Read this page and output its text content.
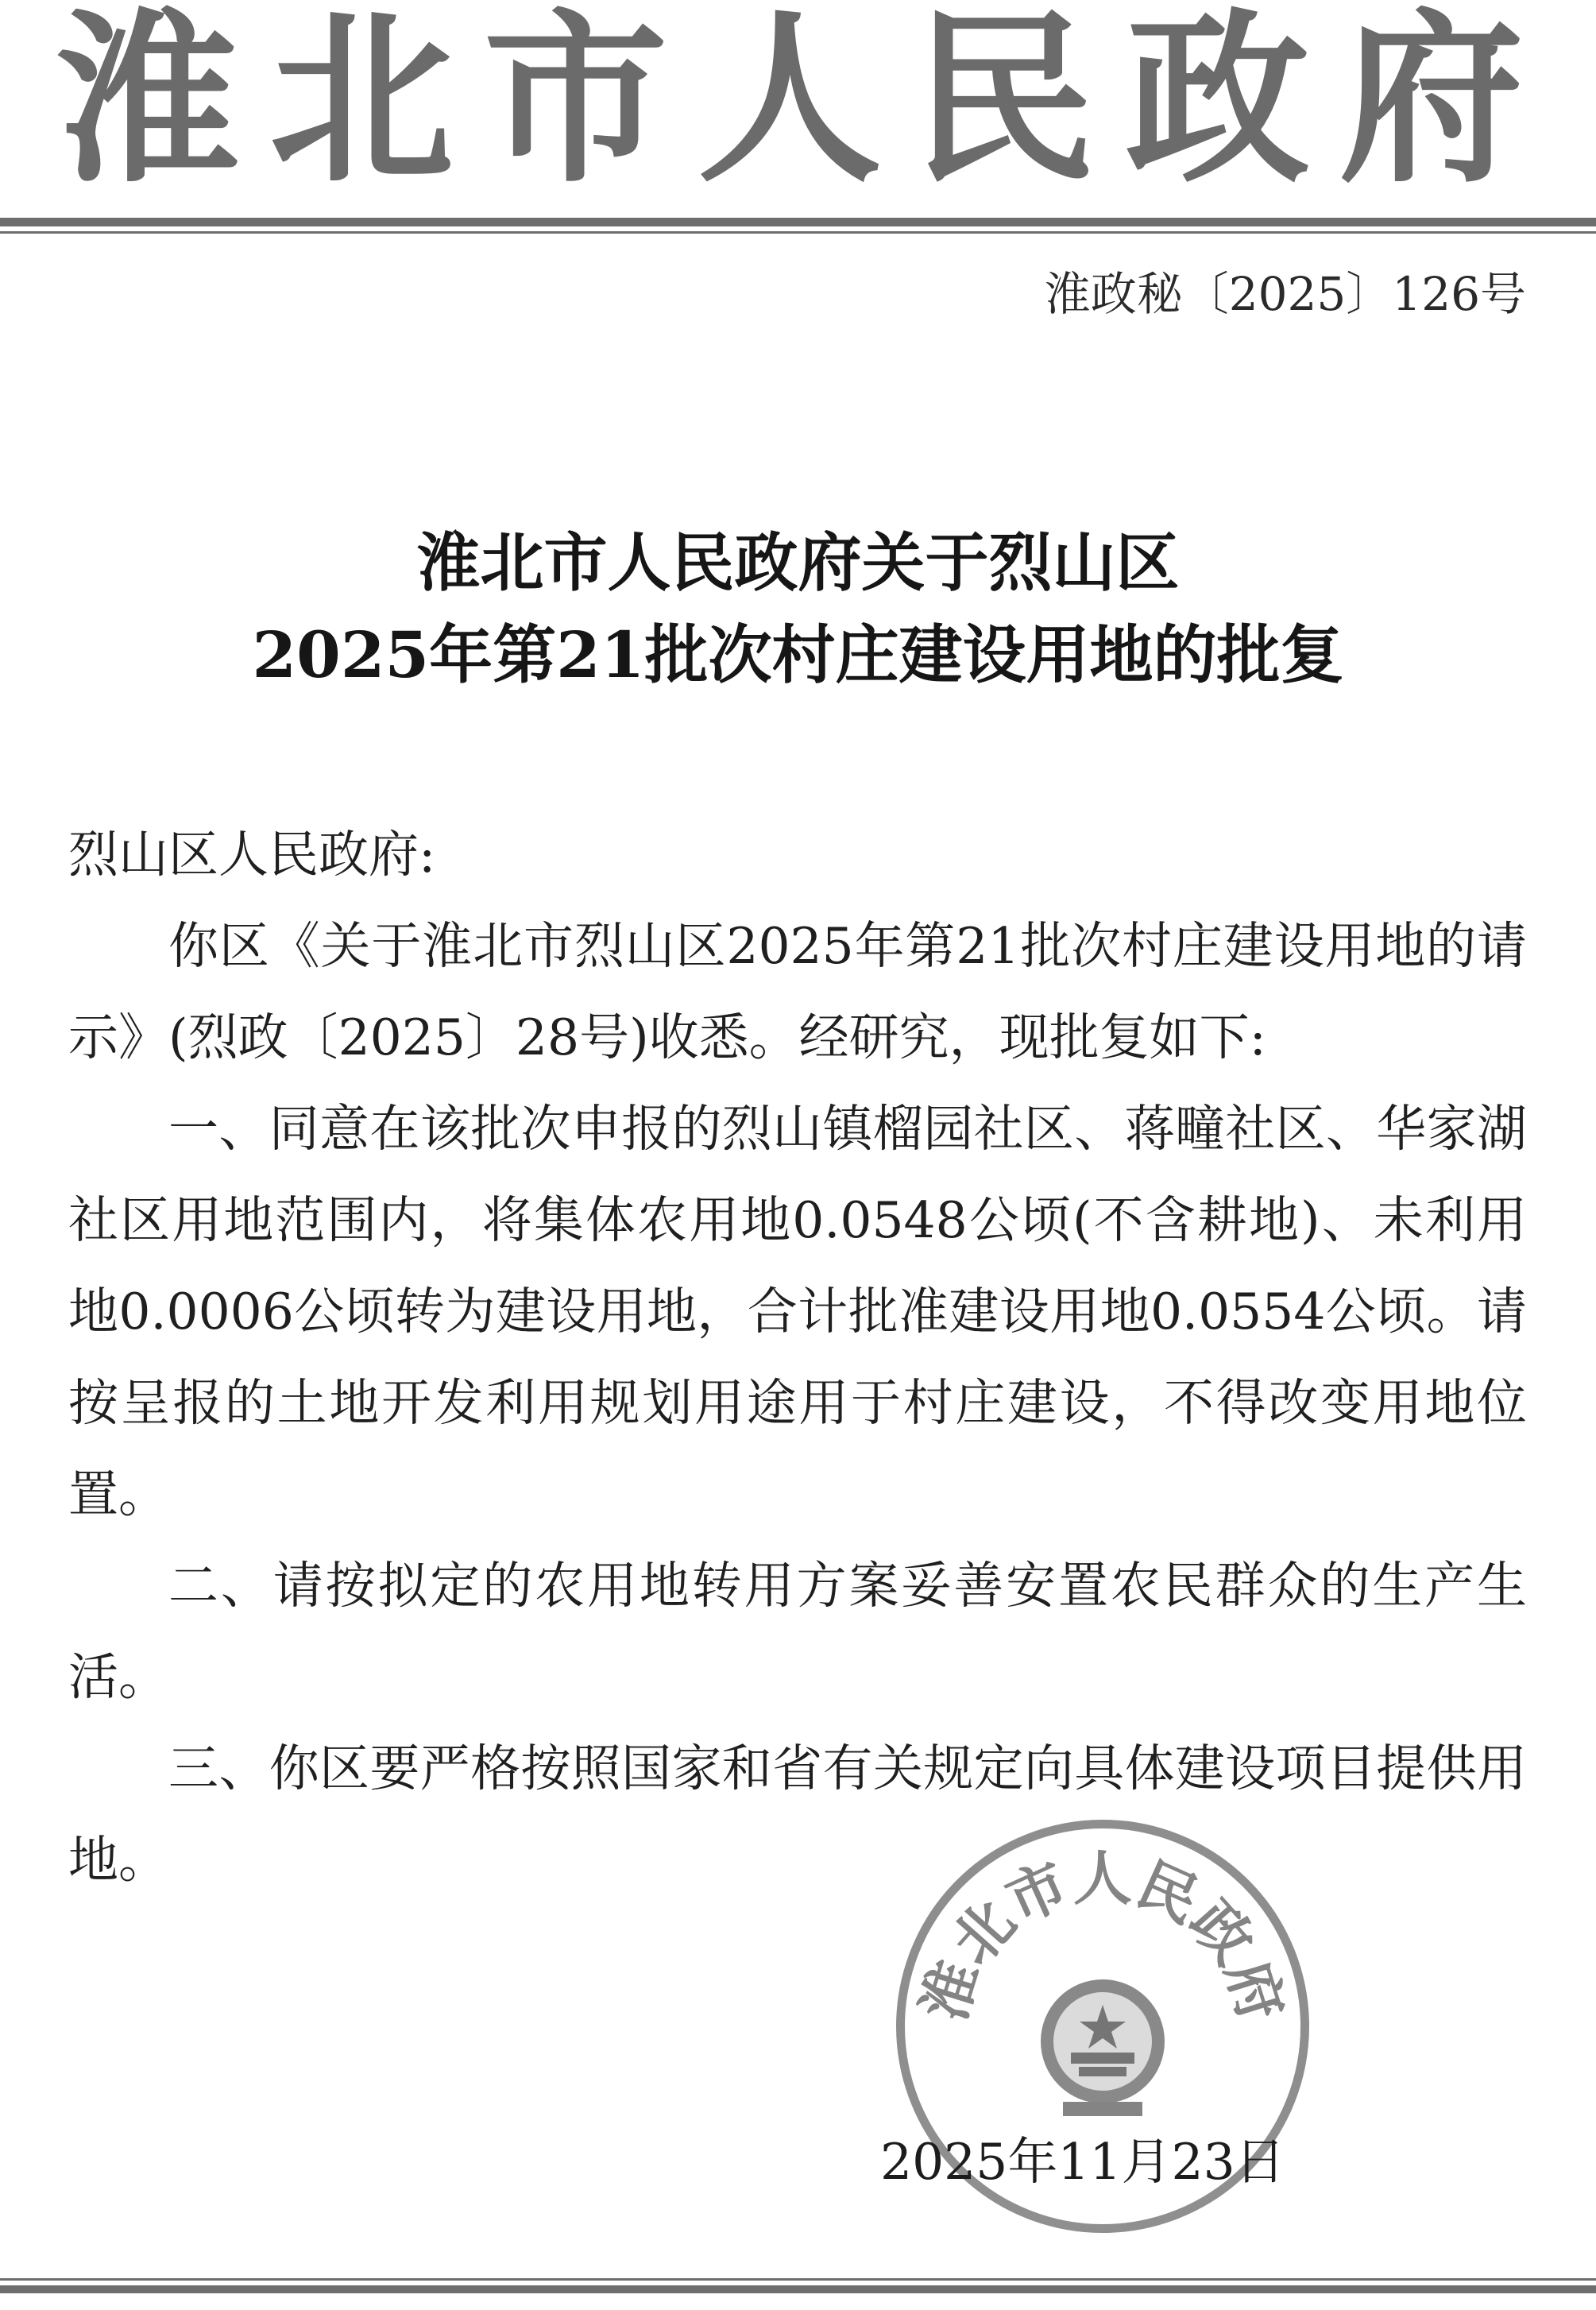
淮北市人民政府
淮政秘〔2025〕126号
淮北市人民政府关于烈山区
2025年第21批次村庄建设用地的批复

烈山区人民政府:

你区《关于淮北市烈山区2025年第21批次村庄建设用地的请示》(烈政〔2025〕28号)收悉。经研究，现批复如下:

一、同意在该批次申报的烈山镇榴园社区、蒋疃社区、华家湖社区用地范围内，将集体农用地0.0548公顷(不含耕地)、未利用地0.0006公顷转为建设用地，合计批准建设用地0.0554公顷。请按呈报的土地开发利用规划用途用于村庄建设，不得改变用地位置。

二、请按拟定的农用地转用方案妥善安置农民群众的生产生活。

三、你区要严格按照国家和省有关规定向具体建设项目提供用地。

淮北市人民政府
2025年11月23日
